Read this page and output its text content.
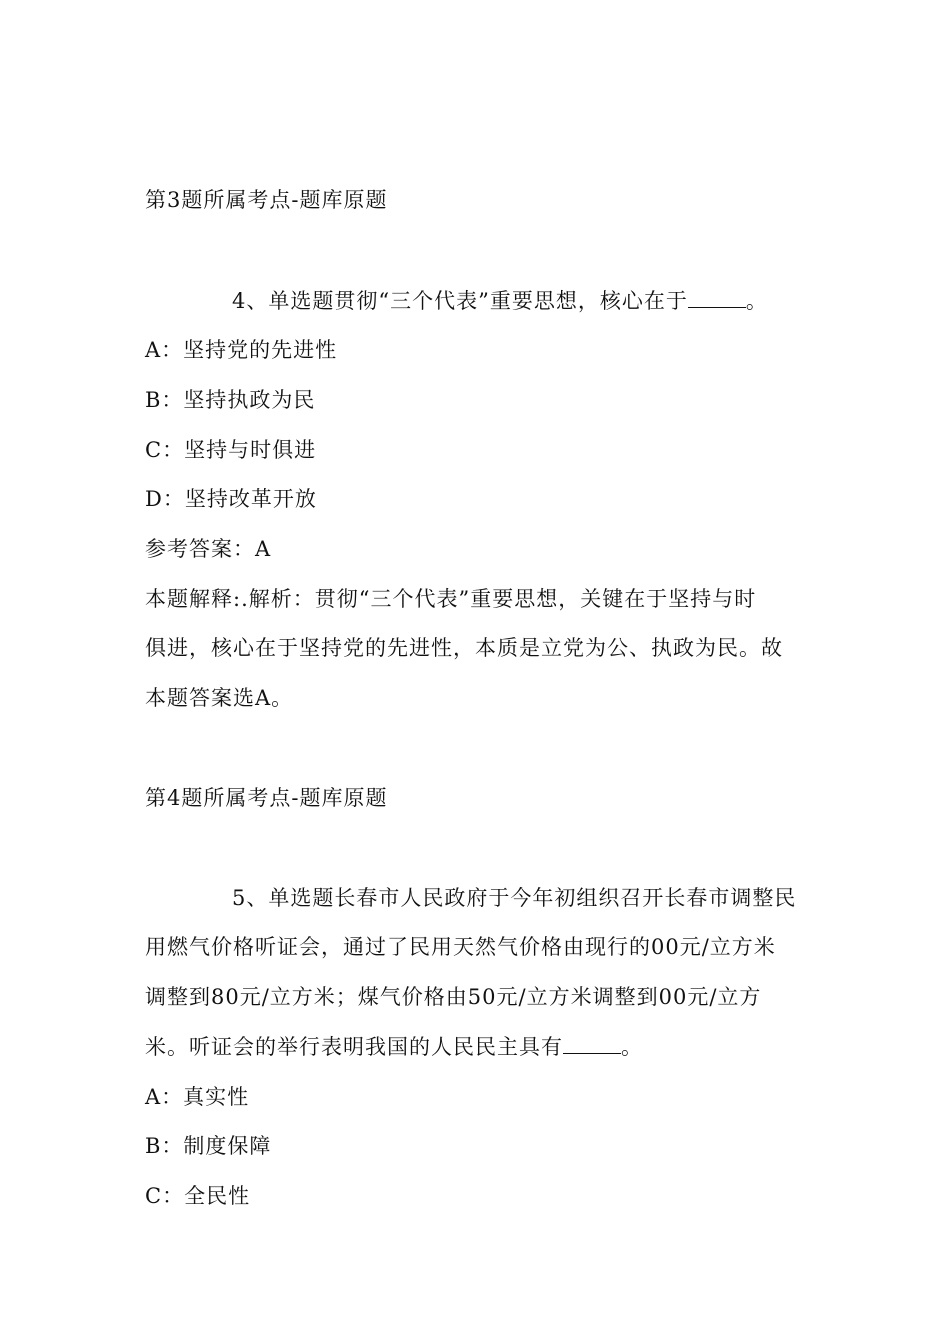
第3题所属考点-题库原题
4、单选题贯彻“三个代表”重要思想，核心在于	。
A：坚持党的先进性
B：坚持执政为民
C：坚持与时俱进
D：坚持改革开放
参考答案：A
本题解释:.解析：贯彻“三个代表”重要思想，关键在于坚持与时
俱进，核心在于坚持党的先进性，本质是立党为公、执政为民。故
本题答案选A。
第4题所属考点-题库原题
5、单选题长春市人民政府于今年初组织召开长春市调整民
用燃气价格听证会，通过了民用天然气价格由现行的00元/立方米
调整到80元/立方米；煤气价格由50元/立方米调整到00元/立方
米。听证会的举行表明我国的人民民主具有	。
A：真实性
B：制度保障
C：全民性
